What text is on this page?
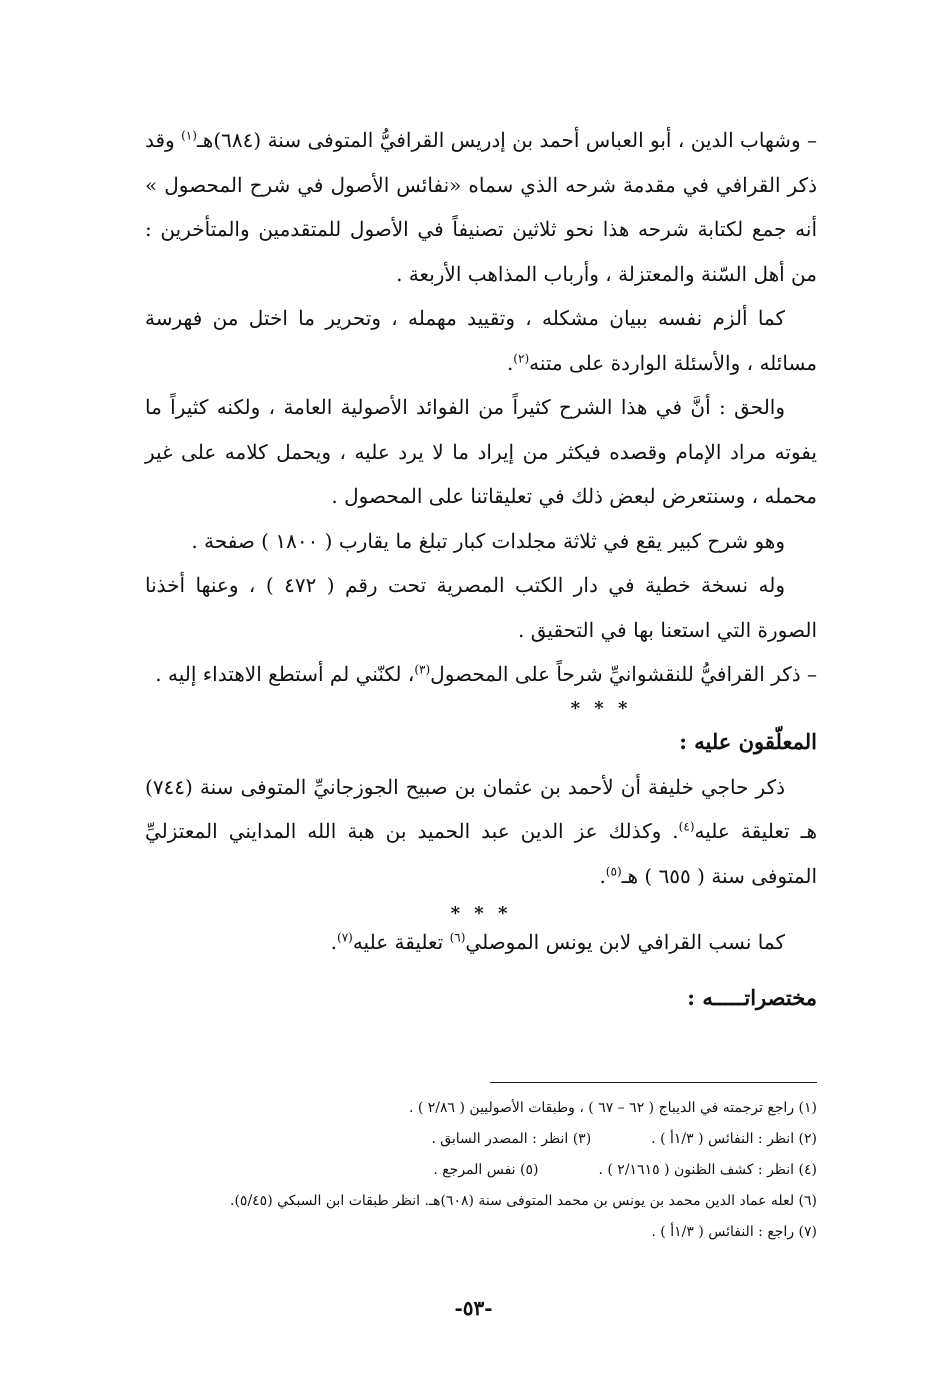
– وشهاب الدين ، أبو العباس أحمد بن إدريس القرافيُّ المتوفى سنة (٦٨٤)هـ$^{(١)}$ وقد ذكر القرافي في مقدمة شرحه الذي سماه «نفائس الأصول في شرح المحصول » أنه جمع لكتابة شرحه هذا نحو ثلاثين تصنيفاً في الأصول للمتقدمين والمتأخرين : من أهل السّنة والمعتزلة ، وأرباب المذاهب الأربعة .

كما ألزم نفسه ببيان مشكله ، وتقييد مهمله ، وتحرير ما اختل من فهرسة مسائله ، والأسئلة الواردة على متنه$^{(٢)}$.

والحق : أنَّ في هذا الشرح كثيراً من الفوائد الأصولية العامة ، ولكنه كثيراً ما يفوته مراد الإمام وقصده فيكثر من إيراد ما لا يرد عليه ، ويحمل كلامه على غير محمله ، وسنتعرض لبعض ذلك في تعليقاتنا على المحصول .

وهو شرح كبير يقع في ثلاثة مجلدات كبار تبلغ ما يقارب ( ١٨٠٠ ) صفحة .

وله نسخة خطية في دار الكتب المصرية تحت رقم ( ٤٧٢ ) ، وعنها أخذنا الصورة التي استعنا بها في التحقيق .

– ذكر القرافيُّ للنقشوانيِّ شرحاً على المحصول$^{(٣)}$، لكنّني لم أستطع الاهتداء إليه .

* * *
المعلّقون عليه :

ذكر حاجي خليفة أن لأحمد بن عثمان بن صبيح الجوزجانيِّ المتوفى سنة (٧٤٤) هـ تعليقة عليه$^{(٤)}$. وكذلك عز الدين عبد الحميد بن هبة الله المدايني المعتزليِّ المتوفى سنة ( ٦٥٥ ) هـ$^{(٥)}$.

* * *

كما نسب القرافي لابن يونس الموصلي$^{(٦)}$ تعليقة عليه$^{(٧)}$.

مختصراتـــــه :
(١) راجع ترجمته في الديباج ( ٦٢ – ٦٧ ) ، وطبقات الأصوليين ( ٢/٨٦ ) .
(٢) انظر : النفائس ( ١/٣أ ) .
(٣) انظر : المصدر السابق .
(٤) انظر : كشف الظنون ( ٢/١٦١٥ ) .
(٥) نفس المرجع .
(٦) لعله عماد الدين محمد بن يونس بن محمد المتوفى سنة (٦٠٨)هـ. انظر طبقات ابن السبكي (٥/٤٥).
(٧) راجع : النفائس ( ١/٣أ ) .
-٥٣-
